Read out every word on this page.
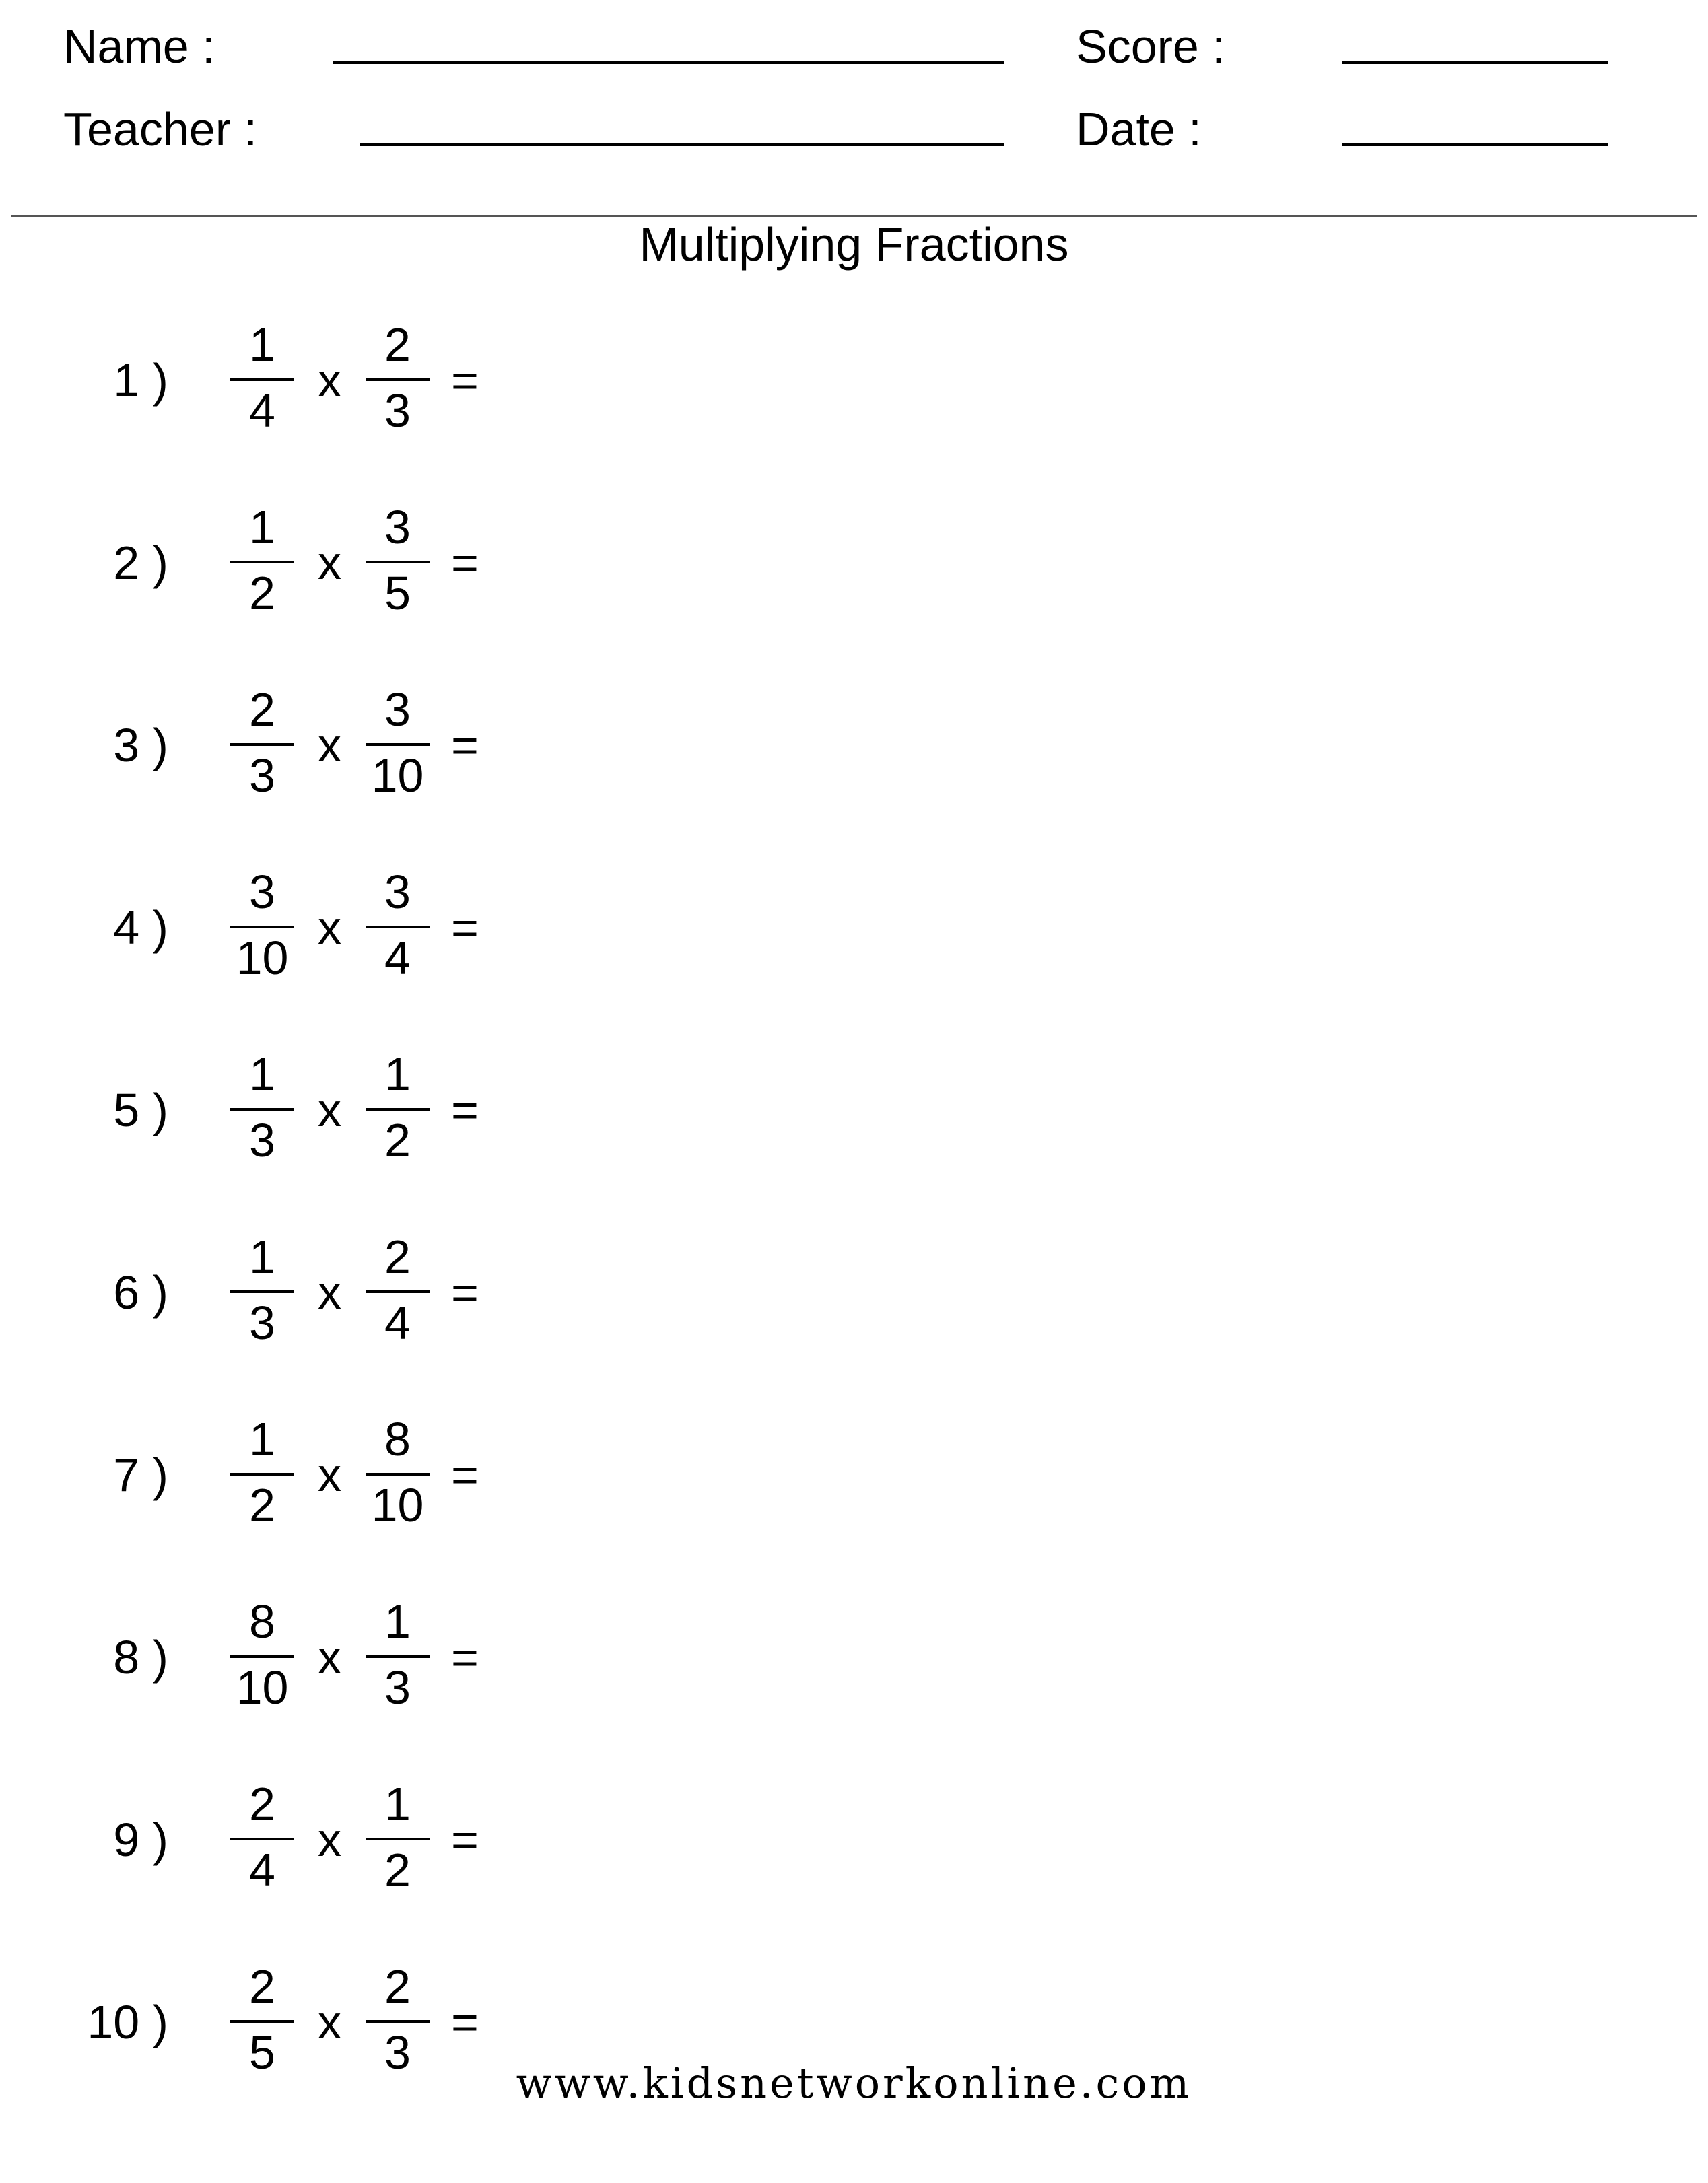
Name :
Teacher :
Score :
Date :
Multiplying Fractions
1 )
1
4
2
3
x =
2 )
1
2
3
5
x =
3 )
2
3
3
10
x =
4 )
3
10
3
4
x =
5 )
1
3
1
2
x =
6 )
1
3
2
4
x =
7 )
1
2
8
10
x =
8 )
8
10
1
3
x =
9 )
2
4
1
2
x =
10 )
2
5
2
3
x =
www.kidsnetworkonline.com
